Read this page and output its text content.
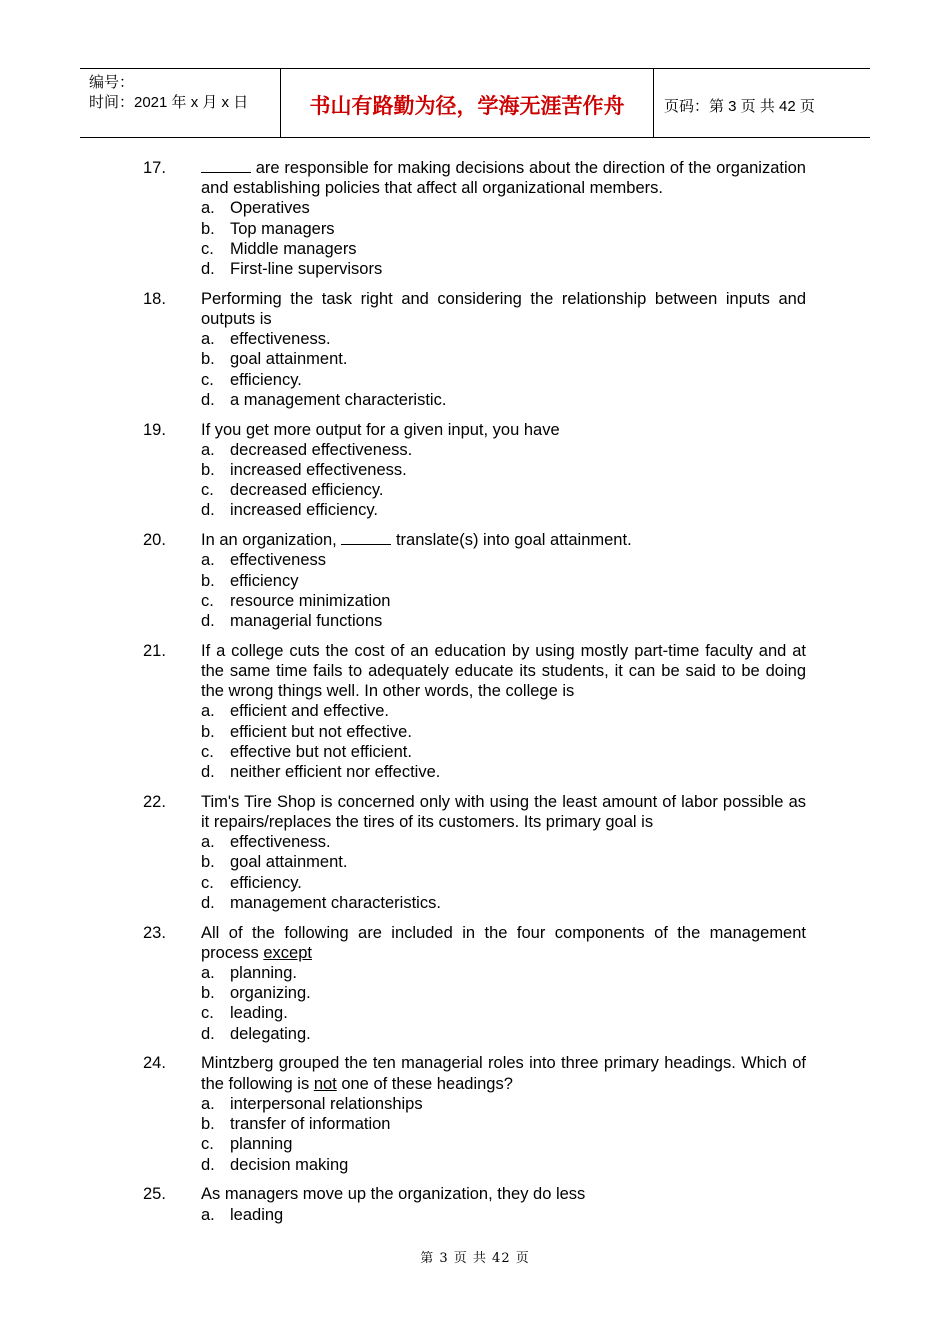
编号：
时间：2021 年 x 月 x 日	书山有路勤为径，学海无涯苦作舟	页码：第 3 页 共 42 页
17.	are responsible for making decisions about the direction of the organization and establishing policies that affect all organizational members.
a. Operatives
b. Top managers
c. Middle managers
d. First-line supervisors
18.	Performing the task right and considering the relationship between inputs and outputs is
a. effectiveness.
b. goal attainment.
c. efficiency.
d. a management characteristic.
19.	If you get more output for a given input, you have
a. decreased effectiveness.
b. increased effectiveness.
c. decreased efficiency.
d. increased efficiency.
20.	In an organization,	translate(s) into goal attainment.
a. effectiveness
b. efficiency
c. resource minimization
d. managerial functions
21.	If a college cuts the cost of an education by using mostly part-time faculty and at the same time fails to adequately educate its students, it can be said to be doing the wrong things well. In other words, the college is
a. efficient and effective.
b. efficient but not effective.
c. effective but not efficient.
d. neither efficient nor effective.
22.	Tim's Tire Shop is concerned only with using the least amount of labor possible as it repairs/replaces the tires of its customers. Its primary goal is
a. effectiveness.
b. goal attainment.
c. efficiency.
d. management characteristics.
23.	All of the following are included in the four components of the management process except
a. planning.
b. organizing.
c. leading.
d. delegating.
24.	Mintzberg grouped the ten managerial roles into three primary headings. Which of the following is not one of these headings?
a. interpersonal relationships
b. transfer of information
c. planning
d. decision making
25.	As managers move up the organization, they do less
a. leading
第 3 页 共 42 页
